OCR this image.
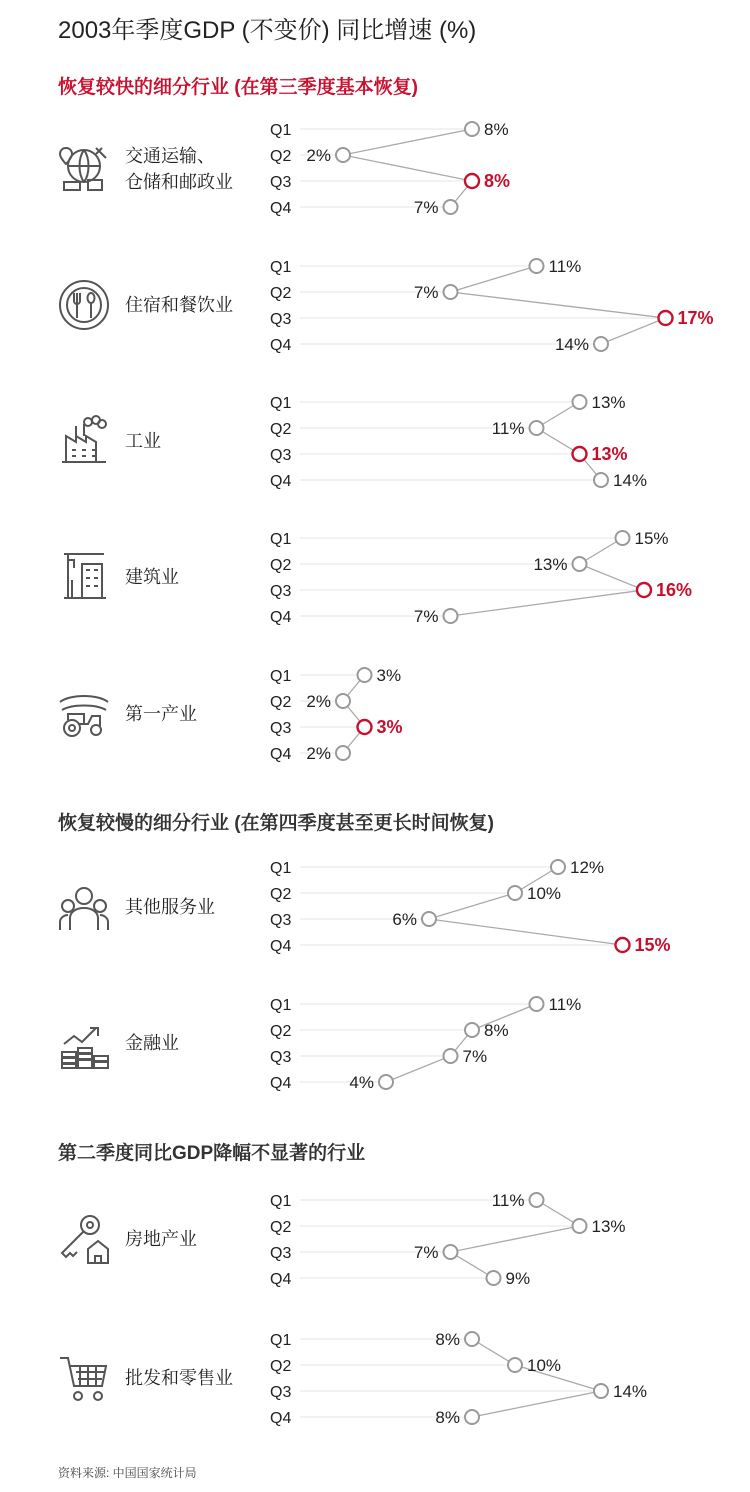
2003年季度GDP (不变价) 同比增速 (%)
恢复较快的细分行业 (在第三季度基本恢复)
恢复较慢的细分行业 (在第四季度甚至更长时间恢复)
第二季度同比GDP降幅不显著的行业
交通运输、
仓储和邮政业
住宿和餐饮业
工业
建筑业
第一产业
其他服务业
金融业
房地产业
批发和零售业
资料来源: 中国国家统计局
Q1
Q2
Q3
Q4
8%
2%
8%
7%
Q1
Q2
Q3
Q4
11%
7%
17%
14%
Q1
Q2
Q3
Q4
13%
11%
13%
14%
Q1
Q2
Q3
Q4
15%
13%
16%
7%
Q1
Q2
Q3
Q4
3%
2%
3%
2%
Q1
Q2
Q3
Q4
12%
10%
6%
15%
Q1
Q2
Q3
Q4
11%
8%
7%
4%
Q1
Q2
Q3
Q4
11%
13%
7%
9%
Q1
Q2
Q3
Q4
8%
10%
14%
8%
